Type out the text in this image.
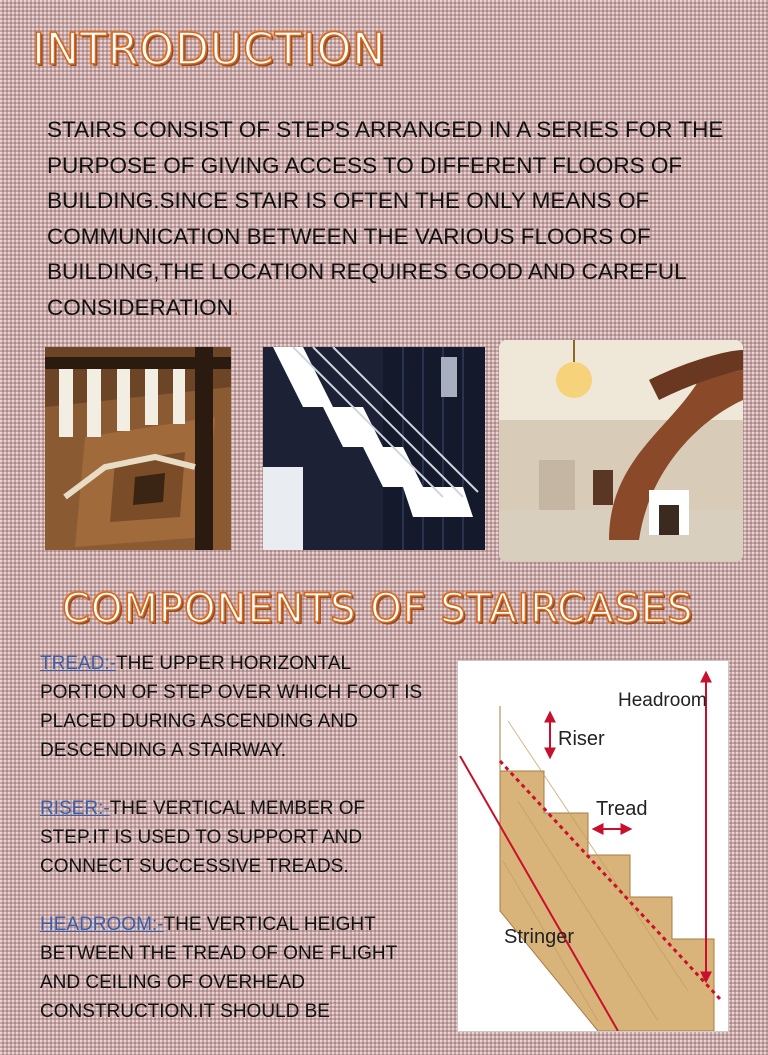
INTRODUCTION

STAIRS CONSIST OF STEPS ARRANGED IN A SERIES FOR THE PURPOSE OF GIVING ACCESS TO DIFFERENT FLOORS OF BUILDING.SINCE STAIR IS OFTEN THE ONLY MEANS OF COMMUNICATION BETWEEN THE VARIOUS FLOORS OF BUILDING,THE LOCATION REQUIRES GOOD AND CAREFUL CONSIDERATION.

COMPONENTS OF STAIRCASES

TREAD:-THE UPPER HORIZONTAL PORTION OF STEP OVER WHICH FOOT IS PLACED DURING ASCENDING AND DESCENDING A STAIRWAY.

RISER:-THE VERTICAL MEMBER OF STEP.IT IS USED TO SUPPORT AND CONNECT SUCCESSIVE TREADS.

HEADROOM:-THE VERTICAL HEIGHT BETWEEN THE TREAD OF ONE FLIGHT AND CEILING OF OVERHEAD CONSTRUCTION.IT SHOULD BE

Headroom
Riser
Tread
Stringer
